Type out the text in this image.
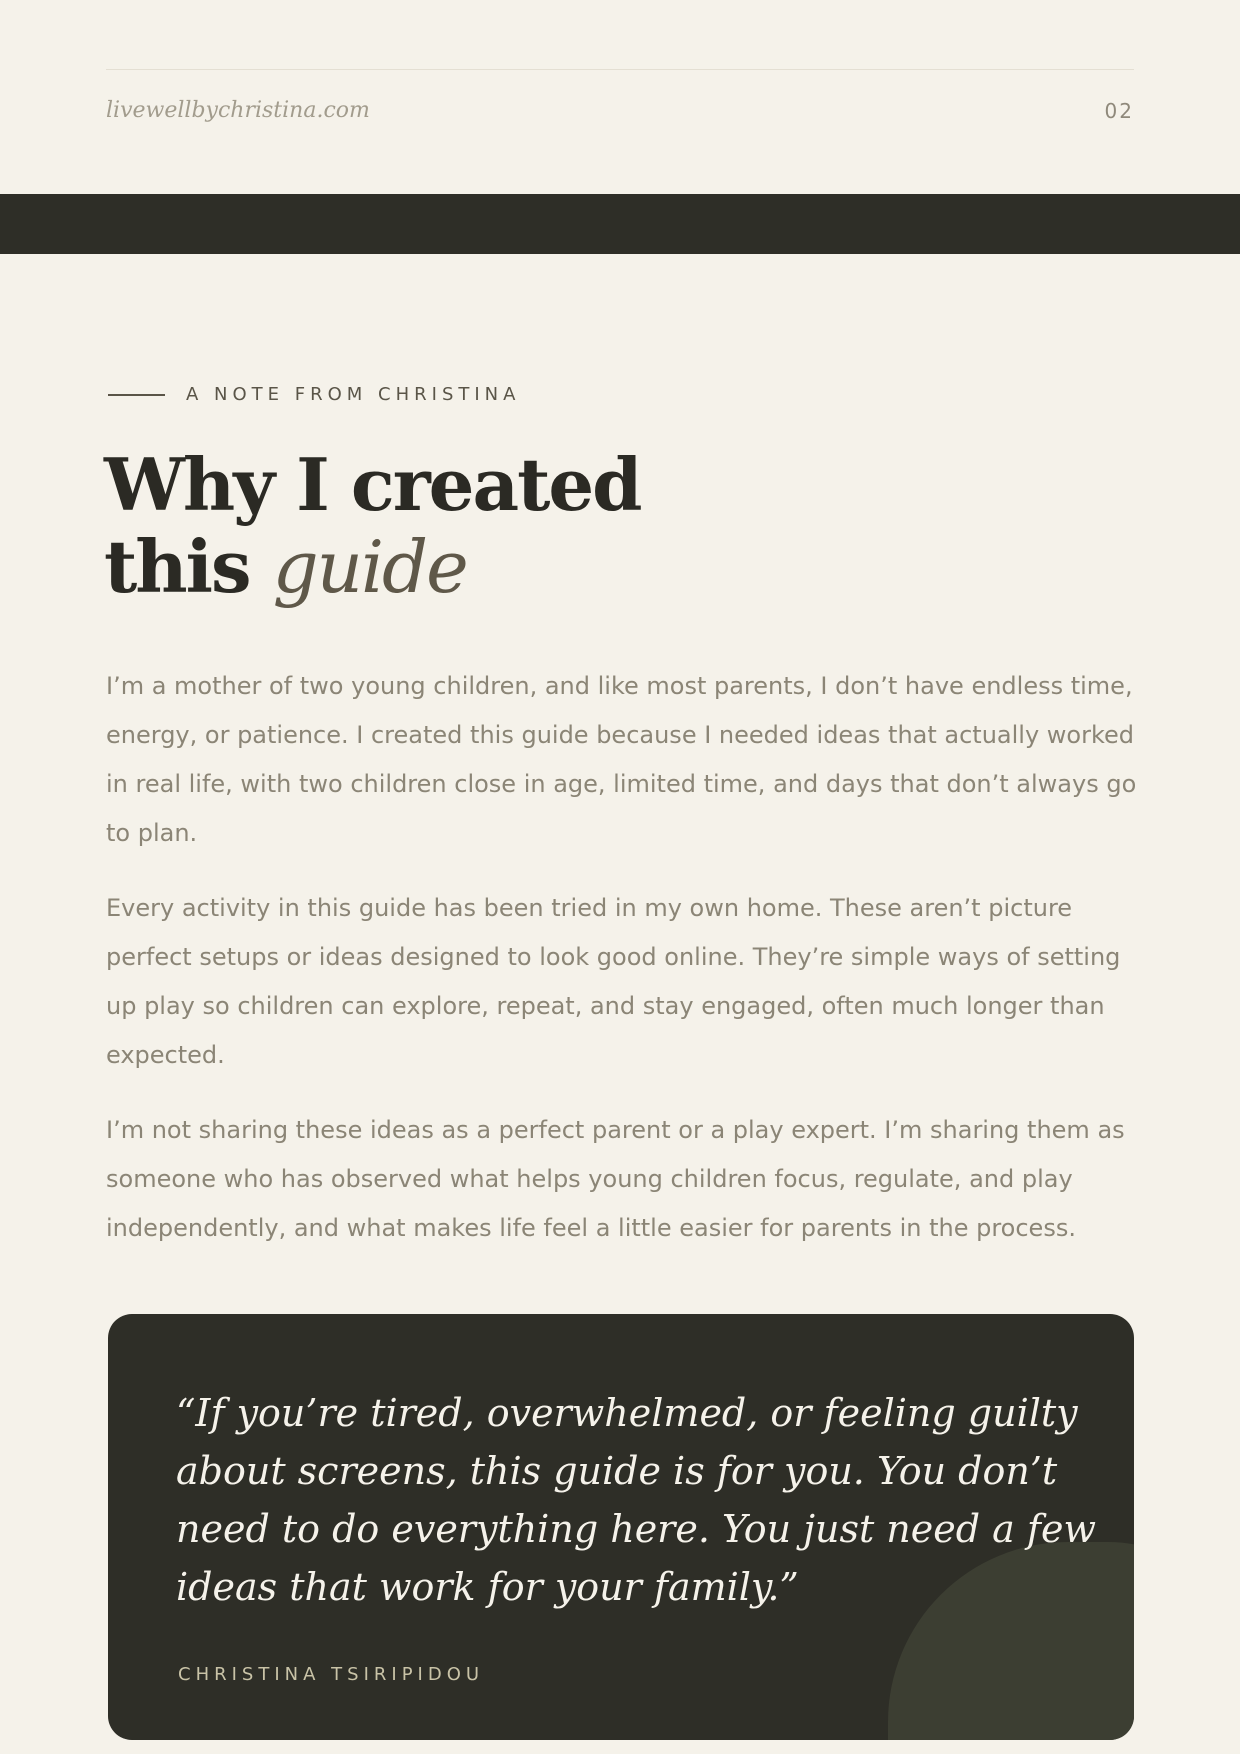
livewellbychristina.com	02
A NOTE FROM CHRISTINA
Why I created
this guide

I’m a mother of two young children, and like most parents, I don’t have endless time, energy, or patience. I created this guide because I needed ideas that actually worked in real life, with two children close in age, limited time, and days that don’t always go to plan.

Every activity in this guide has been tried in my own home. These aren’t picture perfect setups or ideas designed to look good online. They’re simple ways of setting up play so children can explore, repeat, and stay engaged, often much longer than expected.

I’m not sharing these ideas as a perfect parent or a play expert. I’m sharing them as someone who has observed what helps young children focus, regulate, and play independently, and what makes life feel a little easier for parents in the process.

“If you’re tired, overwhelmed, or feeling guilty about screens, this guide is for you. You don’t need to do everything here. You just need a few ideas that work for your family.”

CHRISTINA TSIRIPIDOU
